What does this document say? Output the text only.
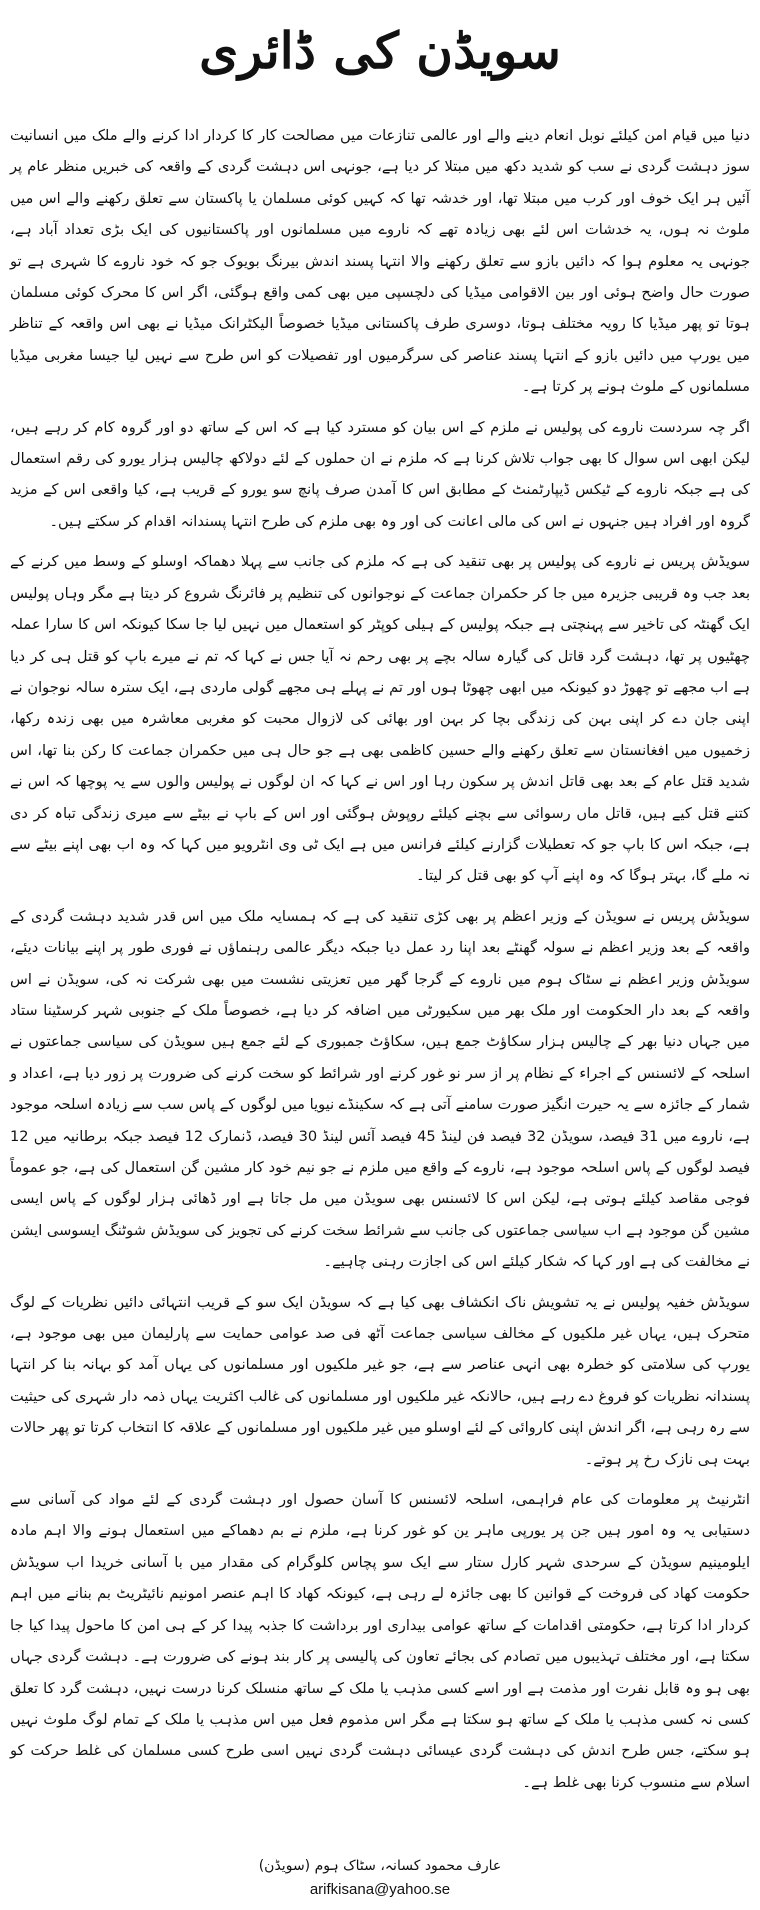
سویڈن کی ڈائری

دنیا میں قیام امن کیلئے نوبل انعام دینے والے اور عالمی تنازعات میں مصالحت کار کا کردار ادا کرنے والے ملک میں انسانیت سوز دہشت گردی نے سب کو شدید دکھ میں مبتلا کر دیا ہے، جونہی اس دہشت گردی کے واقعہ کی خبریں منظر عام پر آئیں ہر ایک خوف اور کرب میں مبتلا تھا، اور خدشہ تھا کہ کہیں کوئی مسلمان یا پاکستان سے تعلق رکھنے والے اس میں ملوث نہ ہوں، یہ خدشات اس لئے بھی زیادہ تھے کہ ناروے میں مسلمانوں اور پاکستانیوں کی ایک بڑی تعداد آباد ہے، جونہی یہ معلوم ہوا کہ دائیں بازو سے تعلق رکھنے والا انتہا پسند اندش بیرنگ بویوک جو کہ خود ناروے کا شہری ہے تو صورت حال واضح ہوئی اور بین الاقوامی میڈیا کی دلچسپی میں بھی کمی واقع ہوگئی، اگر اس کا محرک کوئی مسلمان ہوتا تو پھر میڈیا کا رویہ مختلف ہوتا، دوسری طرف پاکستانی میڈیا خصوصاً الیکٹرانک میڈیا نے بھی اس واقعہ کے تناظر میں یورپ میں دائیں بازو کے انتہا پسند عناصر کی سرگرمیوں اور تفصیلات کو اس طرح سے نہیں لیا جیسا مغربی میڈیا مسلمانوں کے ملوث ہونے پر کرتا ہے۔

اگر چہ سردست ناروے کی پولیس نے ملزم کے اس بیان کو مسترد کیا ہے کہ اس کے ساتھ دو اور گروہ کام کر رہے ہیں، لیکن ابھی اس سوال کا بھی جواب تلاش کرنا ہے کہ ملزم نے ان حملوں کے لئے دولاکھ چالیس ہزار یورو کی رقم استعمال کی ہے جبکہ ناروے کے ٹیکس ڈیپارٹمنٹ کے مطابق اس کا آمدن صرف پانچ سو یورو کے قریب ہے، کیا واقعی اس کے مزید گروہ اور افراد ہیں جنہوں نے اس کی مالی اعانت کی اور وہ بھی ملزم کی طرح انتہا پسندانہ اقدام کر سکتے ہیں۔

سویڈش پریس نے ناروے کی پولیس پر بھی تنقید کی ہے کہ ملزم کی جانب سے پہلا دھماکہ اوسلو کے وسط میں کرنے کے بعد جب وہ قریبی جزیرہ میں جا کر حکمران جماعت کے نوجوانوں کی تنظیم پر فائرنگ شروع کر دیتا ہے مگر وہاں پولیس ایک گھنٹہ کی تاخیر سے پہنچتی ہے جبکہ پولیس کے ہیلی کوپٹر کو استعمال میں نہیں لیا جا سکا کیونکہ اس کا سارا عملہ چھٹیوں پر تھا، دہشت گرد قاتل کی گیارہ سالہ بچے پر بھی رحم نہ آیا جس نے کہا کہ تم نے میرے باپ کو قتل ہی کر دیا ہے اب مجھے تو چھوڑ دو کیونکہ میں ابھی چھوٹا ہوں اور تم نے پہلے ہی مجھے گولی ماردی ہے، ایک سترہ سالہ نوجوان نے اپنی جان دے کر اپنی بہن کی زندگی بچا کر بہن اور بھائی کی لازوال محبت کو مغربی معاشرہ میں بھی زندہ رکھا، زخمیوں میں افغانستان سے تعلق رکھنے والے حسین کاظمی بھی ہے جو حال ہی میں حکمران جماعت کا رکن بنا تھا، اس شدید قتل عام کے بعد بھی قاتل اندش پر سکون رہا اور اس نے کہا کہ ان لوگوں نے پولیس والوں سے یہ پوچھا کہ اس نے کتنے قتل کیے ہیں، قاتل ماں رسوائی سے بچنے کیلئے روپوش ہوگئی اور اس کے باپ نے بیٹے سے میری زندگی تباہ کر دی ہے، جبکہ اس کا باپ جو کہ تعطیلات گزارنے کیلئے فرانس میں ہے ایک ٹی وی انٹرویو میں کہا کہ وہ اب بھی اپنے بیٹے سے نہ ملے گا، بہتر ہوگا کہ وہ اپنے آپ کو بھی قتل کر لیتا۔

سویڈش پریس نے سویڈن کے وزیر اعظم پر بھی کڑی تنقید کی ہے کہ ہمسایہ ملک میں اس قدر شدید دہشت گردی کے واقعہ کے بعد وزیر اعظم نے سولہ گھنٹے بعد اپنا رد عمل دیا جبکہ دیگر عالمی رہنماؤں نے فوری طور پر اپنے بیانات دیئے، سویڈش وزیر اعظم نے سٹاک ہوم میں ناروے کے گرجا گھر میں تعزیتی نشست میں بھی شرکت نہ کی، سویڈن نے اس واقعہ کے بعد دار الحکومت اور ملک بھر میں سکیورٹی میں اضافہ کر دیا ہے، خصوصاً ملک کے جنوبی شہر کرسٹینا ستاد میں جہاں دنیا بھر کے چالیس ہزار سکاؤٹ جمع ہیں، سکاؤٹ جمبوری کے لئے جمع ہیں سویڈن کی سیاسی جماعتوں نے اسلحہ کے لائسنس کے اجراء کے نظام پر از سر نو غور کرنے اور شرائط کو سخت کرنے کی ضرورت پر زور دیا ہے، اعداد و شمار کے جائزہ سے یہ حیرت انگیز صورت سامنے آتی ہے کہ سکینڈے نیویا میں لوگوں کے پاس سب سے زیادہ اسلحہ موجود ہے، ناروے میں 31 فیصد، سویڈن 32 فیصد فن لینڈ 45 فیصد آئس لینڈ 30 فیصد، ڈنمارک 12 فیصد جبکہ برطانیہ میں 12 فیصد لوگوں کے پاس اسلحہ موجود ہے، ناروے کے واقع میں ملزم نے جو نیم خود کار مشین گن استعمال کی ہے، جو عموماً فوجی مقاصد کیلئے ہوتی ہے، لیکن اس کا لائسنس بھی سویڈن میں مل جاتا ہے اور ڈھائی ہزار لوگوں کے پاس ایسی مشین گن موجود ہے اب سیاسی جماعتوں کی جانب سے شرائط سخت کرنے کی تجویز کی سویڈش شوٹنگ ایسوسی ایشن نے مخالفت کی ہے اور کہا کہ شکار کیلئے اس کی اجازت رہنی چاہیے۔

سویڈش خفیہ پولیس نے یہ تشویش ناک انکشاف بھی کیا ہے کہ سویڈن ایک سو کے قریب انتہائی دائیں نظریات کے لوگ متحرک ہیں، یہاں غیر ملکیوں کے مخالف سیاسی جماعت آٹھ فی صد عوامی حمایت سے پارلیمان میں بھی موجود ہے، یورپ کی سلامتی کو خطرہ بھی انہی عناصر سے ہے، جو غیر ملکیوں اور مسلمانوں کی یہاں آمد کو بہانہ بنا کر انتہا پسندانہ نظریات کو فروغ دے رہے ہیں، حالانکہ غیر ملکیوں اور مسلمانوں کی غالب اکثریت یہاں ذمہ دار شہری کی حیثیت سے رہ رہی ہے، اگر اندش اپنی کاروائی کے لئے اوسلو میں غیر ملکیوں اور مسلمانوں کے علاقہ کا انتخاب کرتا تو پھر حالات بہت ہی نازک رخ پر ہوتے۔

انٹرنیٹ پر معلومات کی عام فراہمی، اسلحہ لائسنس کا آسان حصول اور دہشت گردی کے لئے مواد کی آسانی سے دستیابی یہ وہ امور ہیں جن پر یورپی ماہر ین کو غور کرنا ہے، ملزم نے بم دھماکے میں استعمال ہونے والا اہم مادہ ایلومینیم سویڈن کے سرحدی شہر کارل ستار سے ایک سو پچاس کلوگرام کی مقدار میں با آسانی خریدا اب سویڈش حکومت کھاد کی فروخت کے قوانین کا بھی جائزہ لے رہی ہے، کیونکہ کھاد کا اہم عنصر امونیم نائیٹریٹ بم بنانے میں اہم کردار ادا کرتا ہے، حکومتی اقدامات کے ساتھ عوامی بیداری اور برداشت کا جذبہ پیدا کر کے ہی امن کا ماحول پیدا کیا جا سکتا ہے، اور مختلف تہذیبوں میں تصادم کی بجائے تعاون کی پالیسی پر کار بند ہونے کی ضرورت ہے۔ دہشت گردی جہاں بھی ہو وہ قابل نفرت اور مذمت ہے اور اسے کسی مذہب یا ملک کے ساتھ منسلک کرنا درست نہیں، دہشت گرد کا تعلق کسی نہ کسی مذہب یا ملک کے ساتھ ہو سکتا ہے مگر اس مذموم فعل میں اس مذہب یا ملک کے تمام لوگ ملوث نہیں ہو سکتے، جس طرح اندش کی دہشت گردی عیسائی دہشت گردی نہیں اسی طرح کسی مسلمان کی غلط حرکت کو اسلام سے منسوب کرنا بھی غلط ہے۔

عارف محمود کسانہ، سٹاک ہوم (سویڈن)
arifkisana@yahoo.se
